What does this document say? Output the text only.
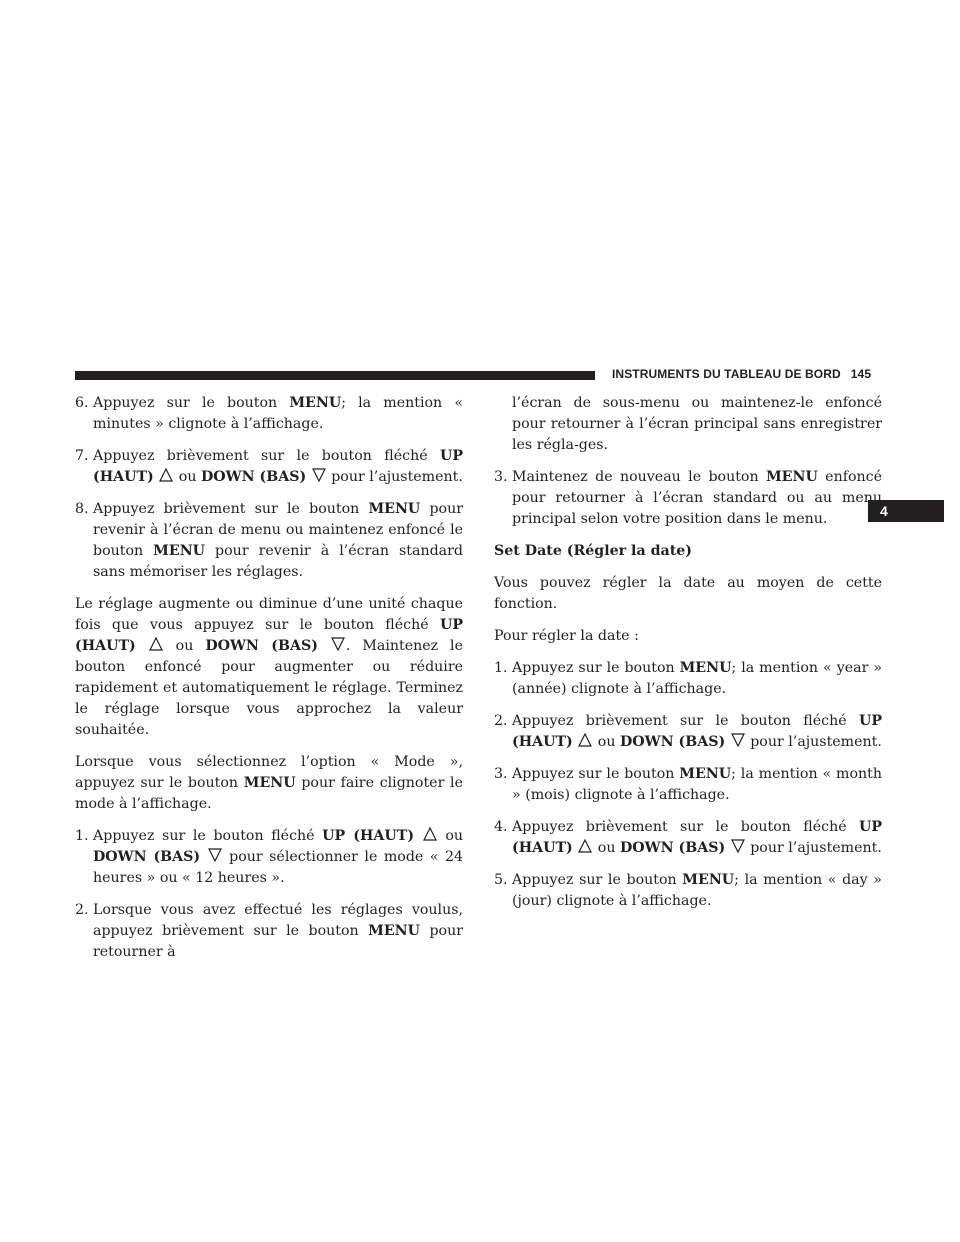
INSTRUMENTS DU TABLEAU DE BORD 145
4
6. Appuyez sur le bouton MENU; la mention « minutes » clignote à l’affichage.
7. Appuyez brièvement sur le bouton fléché UP (HAUT)  ou DOWN (BAS)  pour l’ajustement.
8. Appuyez brièvement sur le bouton MENU pour revenir à l’écran de menu ou maintenez enfoncé le bouton MENU pour revenir à l’écran standard sans mémoriser les réglages.

Le réglage augmente ou diminue d’une unité chaque fois que vous appuyez sur le bouton fléché UP (HAUT)  ou DOWN (BAS) . Maintenez le bouton enfoncé pour augmenter ou réduire rapidement et automatiquement le réglage. Terminez le réglage lorsque vous approchez la valeur souhaitée.

Lorsque vous sélectionnez l’option « Mode », appuyez sur le bouton MENU pour faire clignoter le mode à l’affichage.

1. Appuyez sur le bouton fléché UP (HAUT)  ou DOWN (BAS)  pour sélectionner le mode « 24 heures » ou « 12 heures ».
2. Lorsque vous avez effectué les réglages voulus, appuyez brièvement sur le bouton MENU pour retourner à
l’écran de sous-menu ou maintenez-le enfoncé pour retourner à l’écran principal sans enregistrer les régla-ges.
3. Maintenez de nouveau le bouton MENU enfoncé pour retourner à l’écran standard ou au menu principal selon votre position dans le menu.

Set Date (Régler la date)

Vous pouvez régler la date au moyen de cette fonction.

Pour régler la date :

1. Appuyez sur le bouton MENU; la mention « year » (année) clignote à l’affichage.
2. Appuyez brièvement sur le bouton fléché UP (HAUT)  ou DOWN (BAS)  pour l’ajustement.
3. Appuyez sur le bouton MENU; la mention « month » (mois) clignote à l’affichage.
4. Appuyez brièvement sur le bouton fléché UP (HAUT)  ou DOWN (BAS)  pour l’ajustement.
5. Appuyez sur le bouton MENU; la mention « day » (jour) clignote à l’affichage.
